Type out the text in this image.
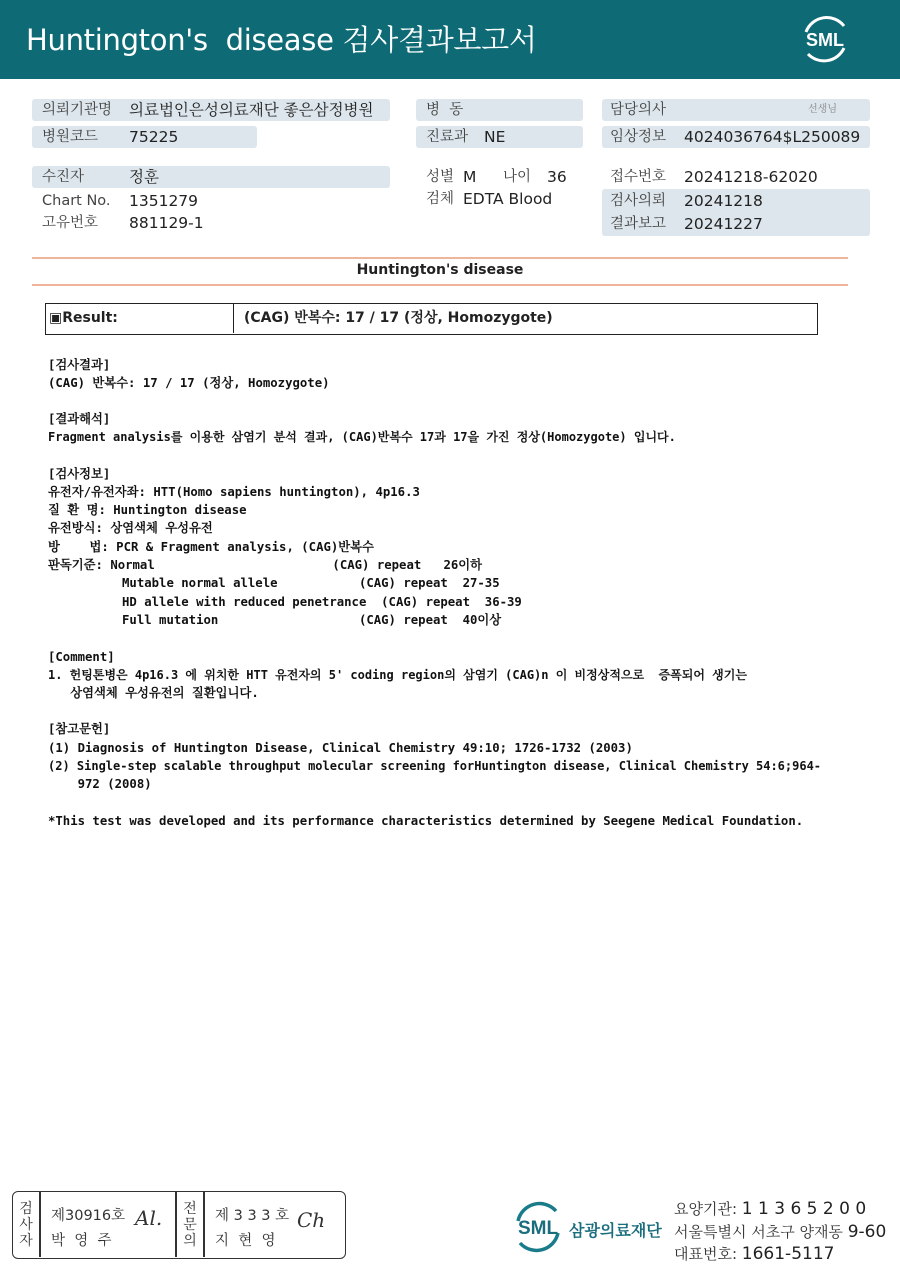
Huntington's  disease 검사결과보고서	SML
의뢰기관명 의료법인은성의료재단 좋은삼정병원
병원코드 75225
수진자	정훈
Chart No. 1351279
고유번호 881129-1
병  동
진료과 NE
성별 M 나이 36
검체 EDTA Blood
담당의사	선생님
임상정보 4024036764$L250089
접수번호 20241218-62020
검사의뢰 20241218
결과보고 20241227
Huntington's disease
▣Result:	(CAG) 반복수: 17 / 17 (정상, Homozygote)
[검사결과]
(CAG) 반복수: 17 / 17 (정상, Homozygote)
[결과해석]
Fragment analysis를 이용한 삼염기 분석 결과, (CAG)반복수 17과 17을 가진 정상(Homozygote) 입니다.
[검사정보]
유전자/유전자좌: HTT(Homo sapiens huntington), 4p16.3
질 환 명: Huntington disease
유전방식: 상염색체 우성유전
방    법: PCR & Fragment analysis, (CAG)반복수
판독기준: Normal                        (CAG) repeat   26이하
Mutable normal allele           (CAG) repeat  27-35
HD allele with reduced penetrance  (CAG) repeat  36-39
Full mutation                   (CAG) repeat  40이상
[Comment]
1. 헌팅톤병은 4p16.3 에 위치한 HTT 유전자의 5' coding region의 삼염기 (CAG)n 이 비정상적으로  증폭되어 생기는
상염색체 우성유전의 질환입니다.
[참고문헌]
(1) Diagnosis of Huntington Disease, Clinical Chemistry 49:10; 1726-1732 (2003)
(2) Single-step scalable throughput molecular screening forHuntington disease, Clinical Chemistry 54:6;964-
972 (2008)
*This test was developed and its performance characteristics determined by Seegene Medical Foundation.
검
사
자
제30916호
박  영  주
Al. 전
문
의
제 3 3 3 호
지  현  영
Ch	SML 삼광의료재단
요양기관: 1 1 3 6 5 2 0 0
서울특별시 서초구 양재동 9-60
대표번호: 1661-5117
